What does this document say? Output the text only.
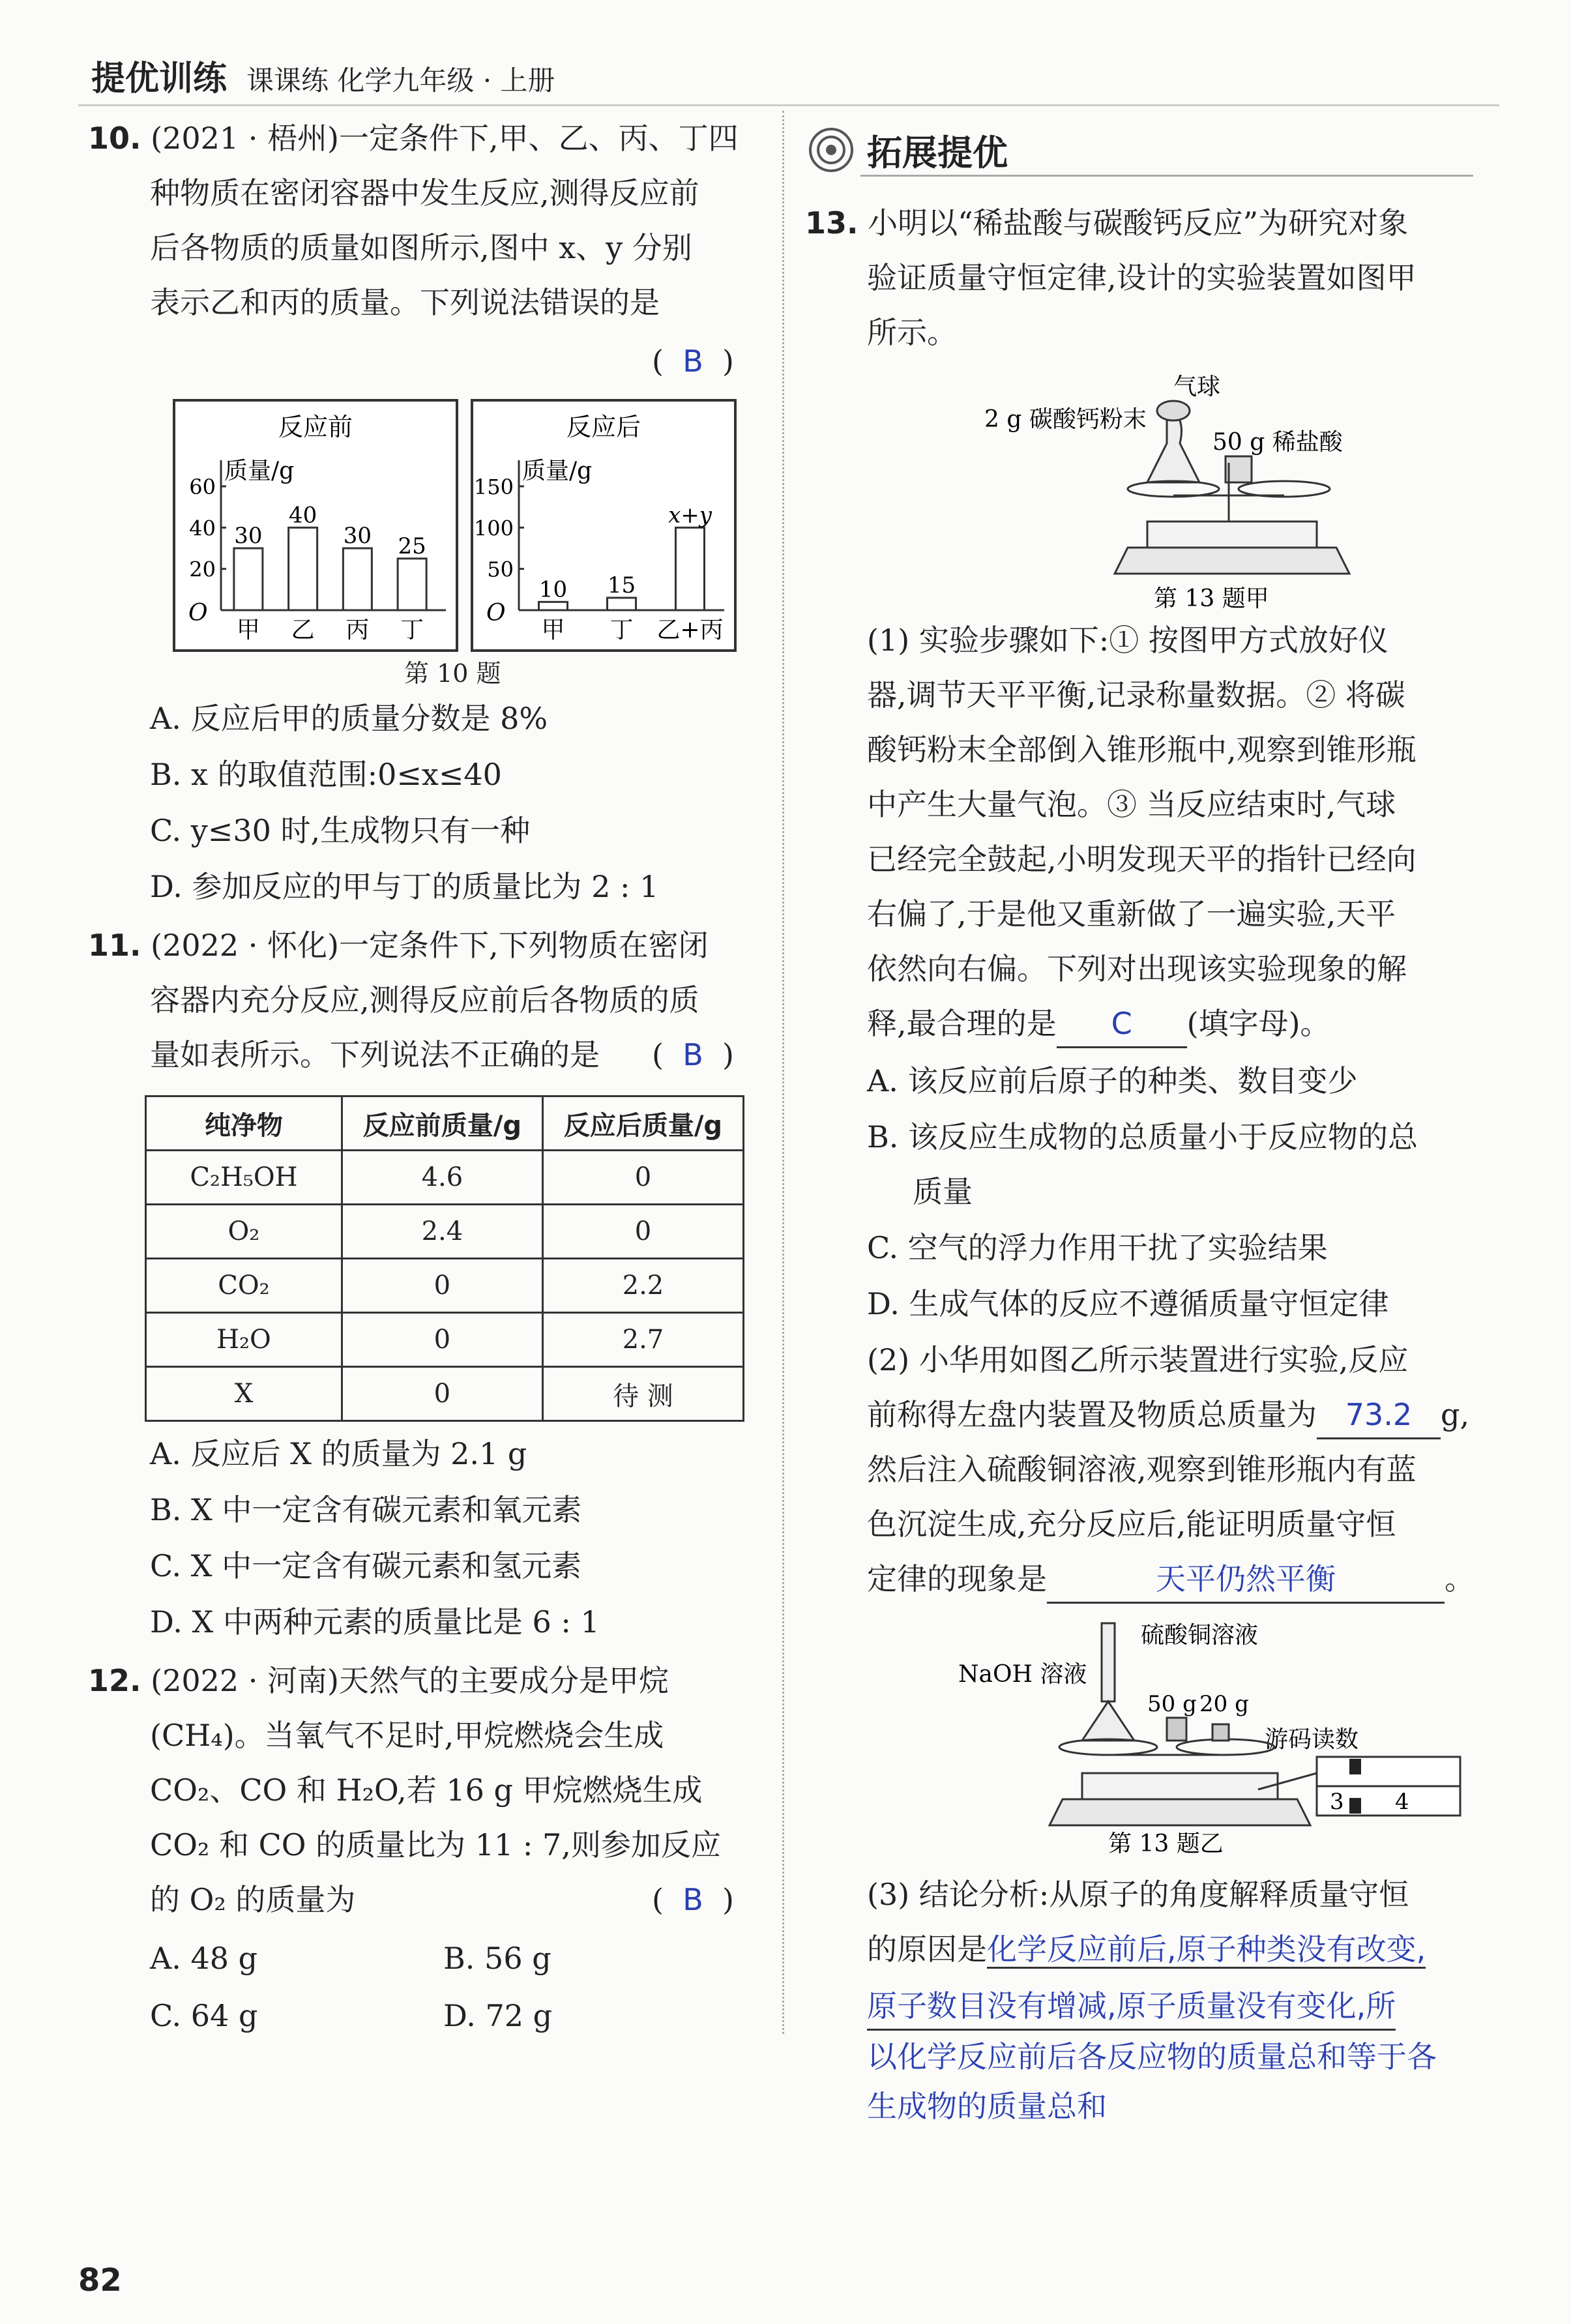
提优训练 课课练 化学九年级 · 上册
10. (2021 · 梧州)一定条件下,甲、乙、丙、丁四
种物质在密闭容器中发生反应,测得反应前
后各物质的质量如图所示,图中 x、y 分别
表示乙和丙的质量。下列说法错误的是
(  B  )
反应前
质量/g
O
60
40
20
30
甲
40
乙
30
丙
25
丁
反应后
质量/g
O
150
100
50
10
甲
15
丁
x+y
乙+丙
第 10 题
A. 反应后甲的质量分数是 8%
B. x 的取值范围:0≤x≤40
C. y≤30 时,生成物只有一种
D. 参加反应的甲与丁的质量比为 2 : 1
11. (2022 · 怀化)一定条件下,下列物质在密闭
容器内充分反应,测得反应前后各物质的质
量如表所示。下列说法不正确的是 (  B  )
纯净物	反应前质量/g	反应后质量/g
C₂H₅OH	4.6	0
O₂	2.4	0
CO₂	0	2.2
H₂O	0	2.7
X	0	待 测
A. 反应后 X 的质量为 2.1 g
B. X 中一定含有碳元素和氧元素
C. X 中一定含有碳元素和氢元素
D. X 中两种元素的质量比是 6 : 1
12. (2022 · 河南)天然气的主要成分是甲烷
(CH₄)。当氧气不足时,甲烷燃烧会生成
CO₂、CO 和 H₂O,若 16 g 甲烷燃烧生成
CO₂ 和 CO 的质量比为 11 : 7,则参加反应
的 O₂ 的质量为	(  B  )
A. 48 g	B. 56 g
C. 64 g	D. 72 g
拓展提优
13. 小明以“稀盐酸与碳酸钙反应”为研究对象
验证质量守恒定律,设计的实验装置如图甲
所示。
气球
2 g 碳酸钙粉末
50 g 稀盐酸
第 13 题甲
(1) 实验步骤如下:① 按图甲方式放好仪
器,调节天平平衡,记录称量数据。② 将碳
酸钙粉末全部倒入锥形瓶中,观察到锥形瓶
中产生大量气泡。③ 当反应结束时,气球
已经完全鼓起,小明发现天平的指针已经向
右偏了,于是他又重新做了一遍实验,天平
依然向右偏。下列对出现该实验现象的解
释,最合理的是 C (填字母)。
A. 该反应前后原子的种类、数目变少
B. 该反应生成物的总质量小于反应物的总
质量
C. 空气的浮力作用干扰了实验结果
D. 生成气体的反应不遵循质量守恒定律
(2) 小华用如图乙所示装置进行实验,反应
前称得左盘内装置及物质总质量为 73.2 g,
然后注入硫酸铜溶液,观察到锥形瓶内有蓝
色沉淀生成,充分反应后,能证明质量守恒
定律的现象是	天平仍然平衡	。
硫酸铜溶液
NaOH 溶液
50 g 20 g
游码读数
3 4
第 13 题乙
(3) 结论分析:从原子的角度解释质量守恒
的原因是化学反应前后,原子种类没有改变,
原子数目没有增减,原子质量没有变化,所
以化学反应前后各反应物的质量总和等于各
生成物的质量总和
82
